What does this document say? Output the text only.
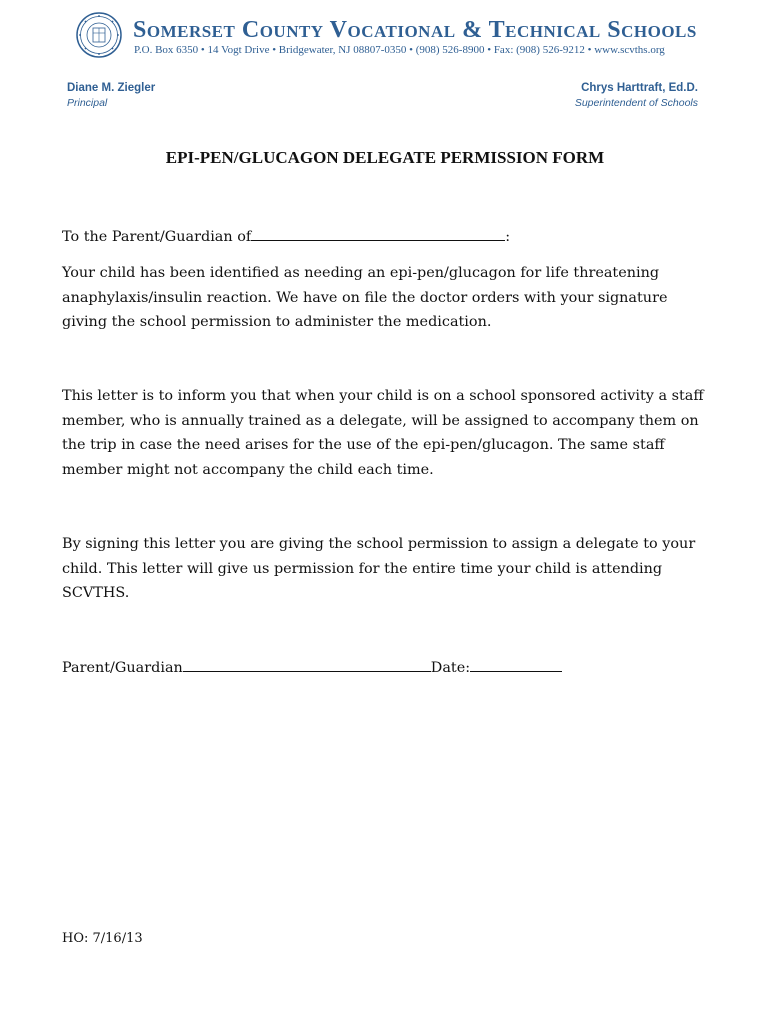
Somerset County Vocational & Technical Schools
P.O. Box 6350 • 14 Vogt Drive • Bridgewater, NJ 08807-0350 • (908) 526-8900 • Fax: (908) 526-9212 • www.scvths.org
Diane M. Ziegler
Principal
Chrys Harttraft, Ed.D.
Superintendent of Schools
EPI-PEN/GLUCAGON DELEGATE PERMISSION FORM
To the Parent/Guardian of	:

Your child has been identified as needing an epi-pen/glucagon for life threatening anaphylaxis/insulin reaction. We have on file the doctor orders with your signature giving the school permission to administer the medication.

This letter is to inform you that when your child is on a school sponsored activity a staff member, who is annually trained as a delegate, will be assigned to accompany them on the trip in case the need arises for the use of the epi-pen/glucagon. The same staff member might not accompany the child each time.

By signing this letter you are giving the school permission to assign a delegate to your child. This letter will give us permission for the entire time your child is attending SCVTHS.

Parent/Guardian	Date:
HO: 7/16/13
